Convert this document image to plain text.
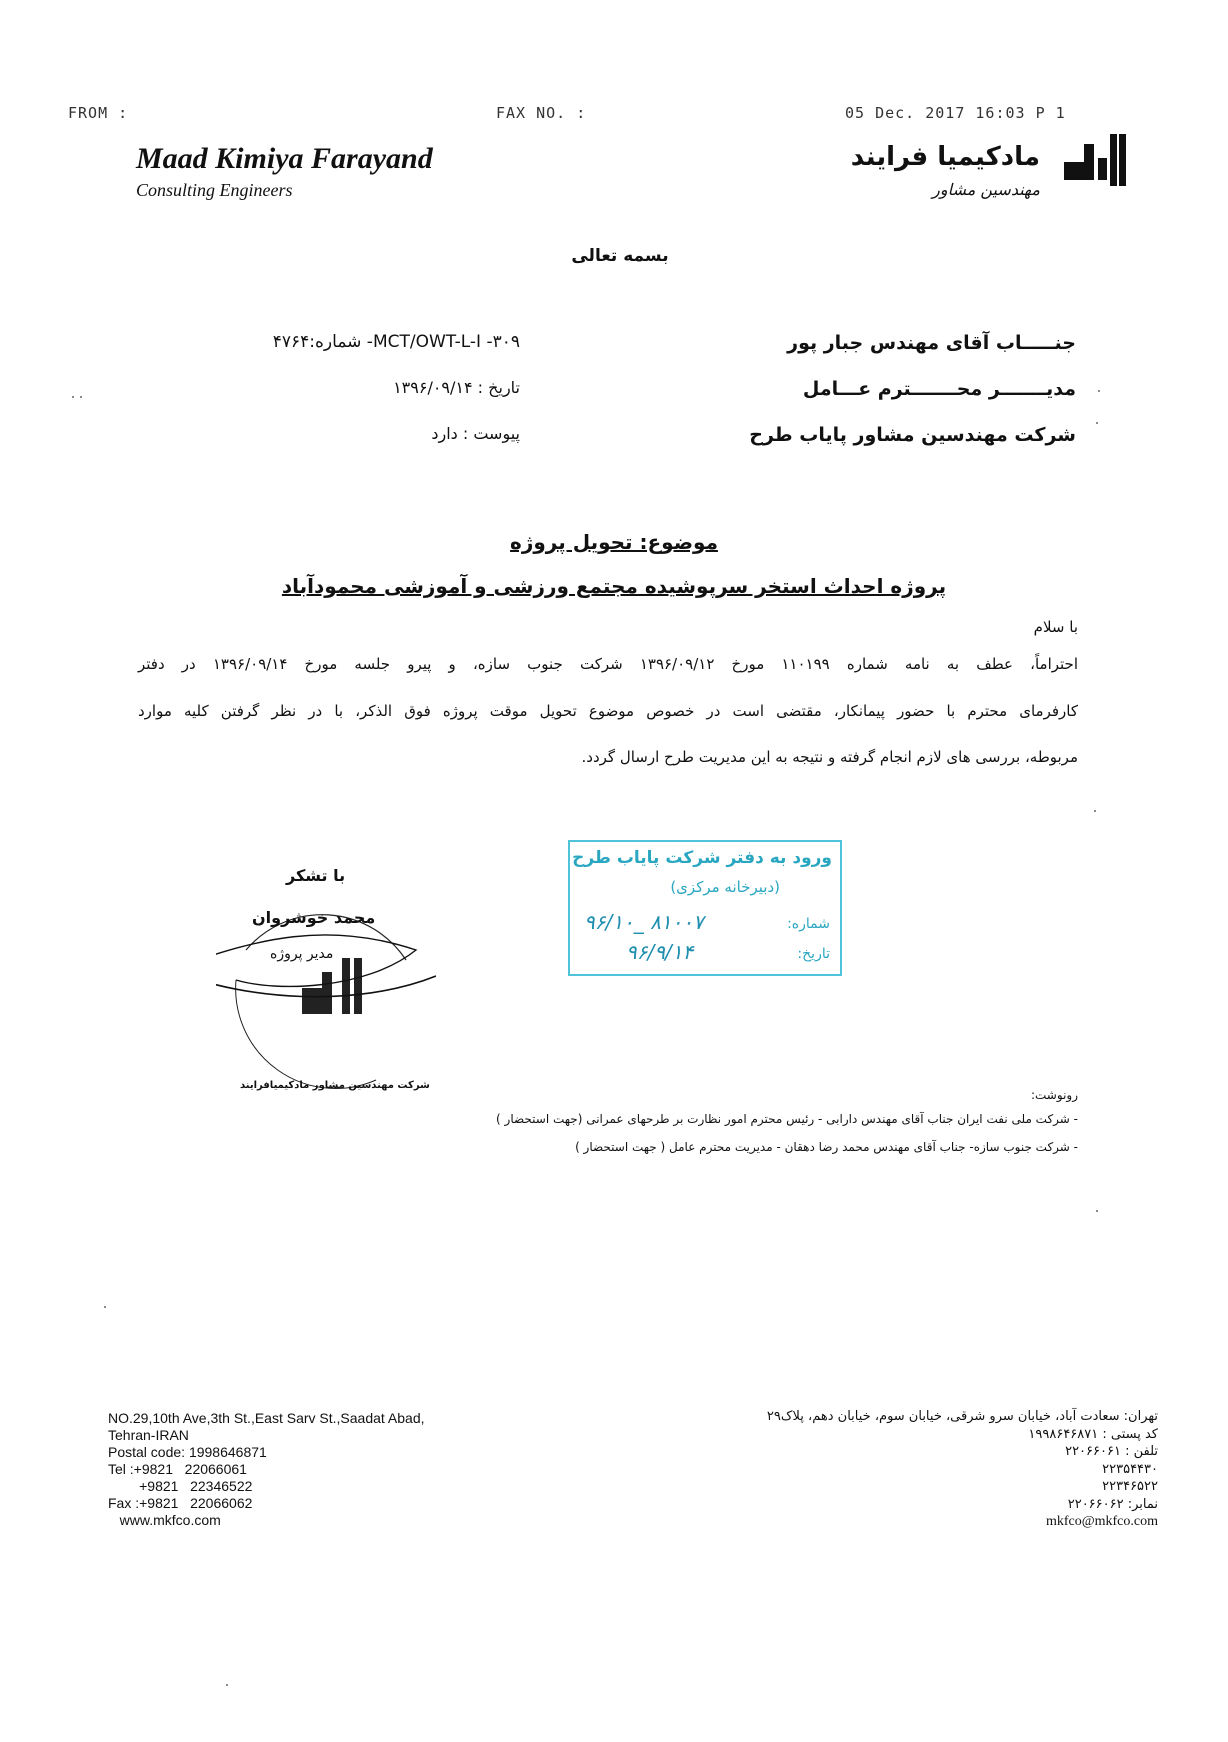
FROM :	FAX NO. :	05 Dec. 2017 16:03 P 1
Maad Kimiya Farayand
Consulting Engineers
مادکیمیا فرایند
مهندسین مشاور
بسمه تعالی
جنـــــاب آقای مهندس جبار پور
مدیـــــــر محـــــــترم عـــامل
شرکت مهندسین مشاور پایاب طرح
شماره:۴۷۶۴ -MCT/OWT-L-I -۳۰۹
تاریخ : ۱۳۹۶/۰۹/۱۴
پیوست : دارد
موضوع: تحویل پروژه
پروژه احداث استخر سرپوشیده مجتمع ورزشی و آموزشی محمودآباد
با سلام
احتراماً، عطف به نامه شماره ۱۱۰۱۹۹ مورخ ۱۳۹۶/۰۹/۱۲ شرکت جنوب سازه، و پیرو جلسه مورخ ۱۳۹۶/۰۹/۱۴ در دفتر
کارفرمای محترم با حضور پیمانکار، مقتضی است در خصوص موضوع تحویل موقت پروژه فوق الذکر، با در نظر گرفتن کلیه موارد
مربوطه، بررسی های لازم انجام گرفته و نتیجه به این مدیریت طرح ارسال گردد.
با تشکر
محمد خوشروان
مدیر پروژه
شرکت مهندسین مشاور مادکیمیافرایند
ورود به دفتر شرکت پایاب طرح
(دبیرخانه مرکزی)
شماره:
۹۶/۱۰_ ۸۱۰۰۷
تاریخ:
۹۶/۹/۱۴
رونوشت:
- شرکت ملی نفت ایران جناب آقای مهندس دارابی - رئیس محترم امور نظارت بر طرحهای عمرانی (جهت استحضار )
- شرکت جنوب سازه- جناب آقای مهندس محمد رضا دهقان - مدیریت محترم عامل ( جهت استحضار )
NO.29,10th Ave,3th St.,East Sarv St.,Saadat Abad,
Tehran-IRAN
Postal code: 1998646871
Tel :+9821   22066061
+9821   22346522
Fax :+9821   22066062
www.mkfco.com
تهران: سعادت آباد، خیابان سرو شرقی، خیابان سوم، خیابان دهم، پلاک۲۹
کد پستی : ۱۹۹۸۶۴۶۸۷۱
تلفن : ۲۲۰۶۶۰۶۱
۲۲۳۵۴۴۳۰
۲۲۳۴۶۵۲۲
نمابر: ۲۲۰۶۶۰۶۲
mkfco@mkfco.com
